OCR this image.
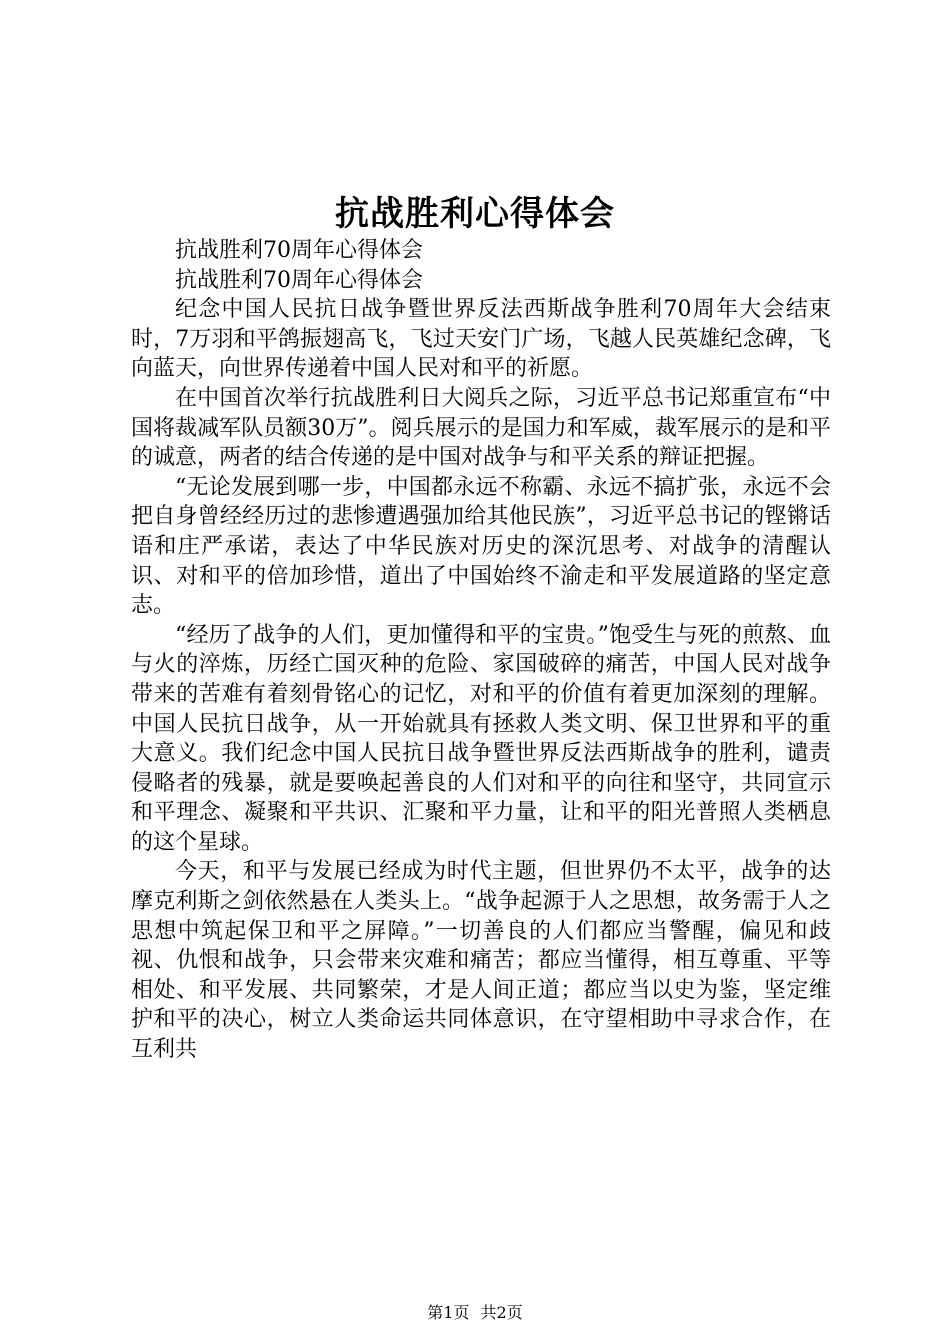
抗战胜利心得体会

抗战胜利70周年心得体会

抗战胜利70周年心得体会

纪念中国人民抗日战争暨世界反法西斯战争胜利70周年大会结束时，7万羽和平鸽振翅高飞，飞过天安门广场，飞越人民英雄纪念碑，飞向蓝天，向世界传递着中国人民对和平的祈愿。

在中国首次举行抗战胜利日大阅兵之际，习近平总书记郑重宣布“中国将裁减军队员额30万”。阅兵展示的是国力和军威，裁军展示的是和平的诚意，两者的结合传递的是中国对战争与和平关系的辩证把握。

“无论发展到哪一步，中国都永远不称霸、永远不搞扩张，永远不会把自身曾经经历过的悲惨遭遇强加给其他民族”，习近平总书记的铿锵话语和庄严承诺，表达了中华民族对历史的深沉思考、对战争的清醒认识、对和平的倍加珍惜，道出了中国始终不渝走和平发展道路的坚定意志。

“经历了战争的人们，更加懂得和平的宝贵。”饱受生与死的煎熬、血与火的淬炼，历经亡国灭种的危险、家国破碎的痛苦，中国人民对战争带来的苦难有着刻骨铭心的记忆，对和平的价值有着更加深刻的理解。中国人民抗日战争，从一开始就具有拯救人类文明、保卫世界和平的重大意义。我们纪念中国人民抗日战争暨世界反法西斯战争的胜利，谴责侵略者的残暴，就是要唤起善良的人们对和平的向往和坚守，共同宣示和平理念、凝聚和平共识、汇聚和平力量，让和平的阳光普照人类栖息的这个星球。

今天，和平与发展已经成为时代主题，但世界仍不太平，战争的达摩克利斯之剑依然悬在人类头上。“战争起源于人之思想，故务需于人之思想中筑起保卫和平之屏障。”一切善良的人们都应当警醒，偏见和歧视、仇恨和战争，只会带来灾难和痛苦；都应当懂得，相互尊重、平等相处、和平发展、共同繁荣，才是人间正道；都应当以史为鉴，坚定维护和平的决心，树立人类命运共同体意识，在守望相助中寻求合作，在互利共

第1页 共2页
